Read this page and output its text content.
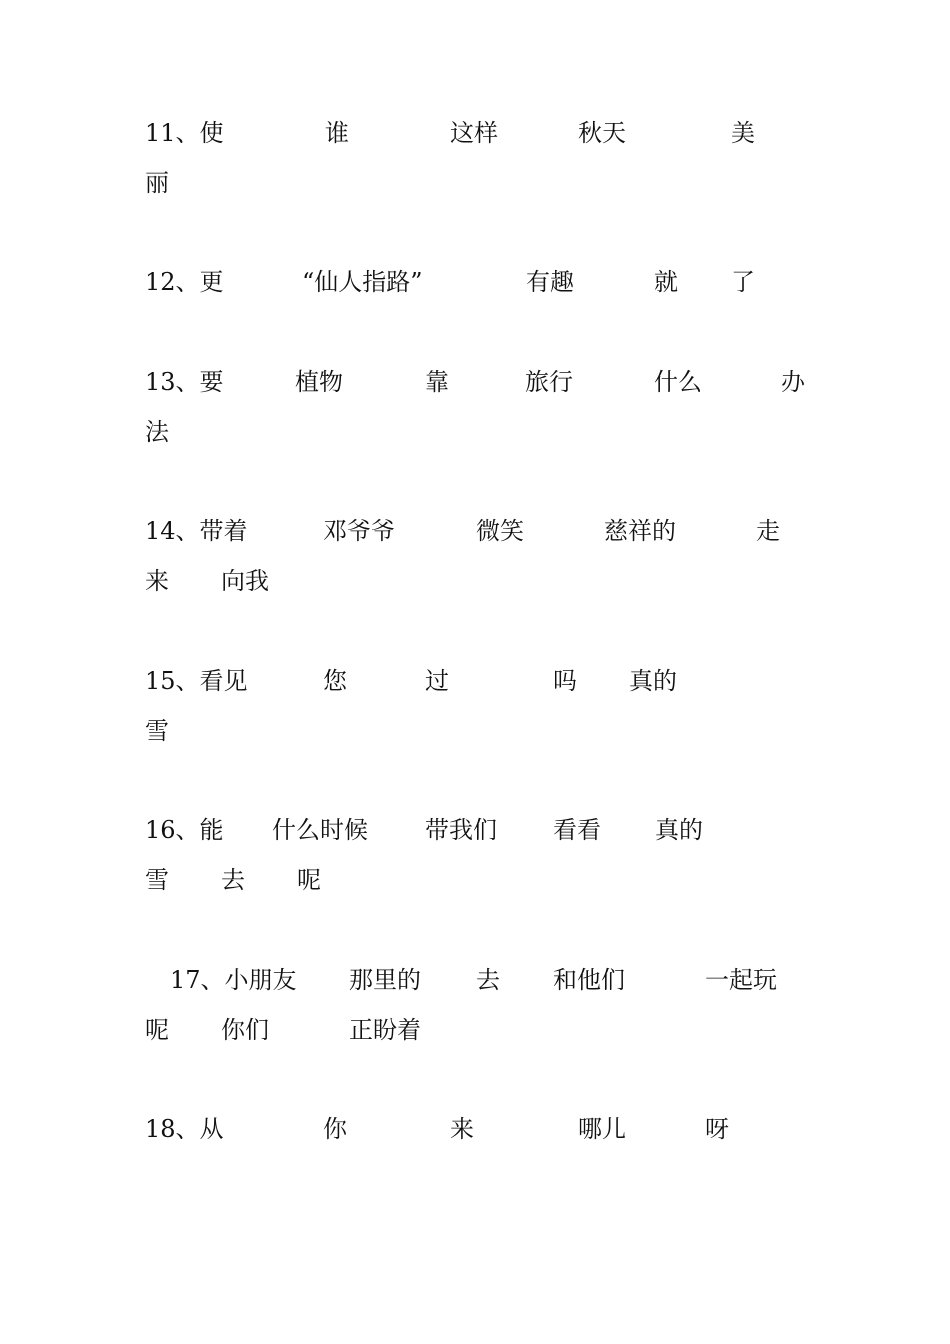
11、使	谁	这样	秋天	美
丽
12、更	“仙人指路”	有趣	就 了
13、要	植物	靠	旅行	什么	办
法
14、带着	邓爷爷	微笑	慈祥的	走
来 向我
15、看见	您	过	吗 真的
雪
16、能 什么时候 带我们 看看 真的
雪 去 呢
17、小朋友 那里的 去 和他们	一起玩
呢 你们	正盼着
18、从	你	来	哪儿	呀
